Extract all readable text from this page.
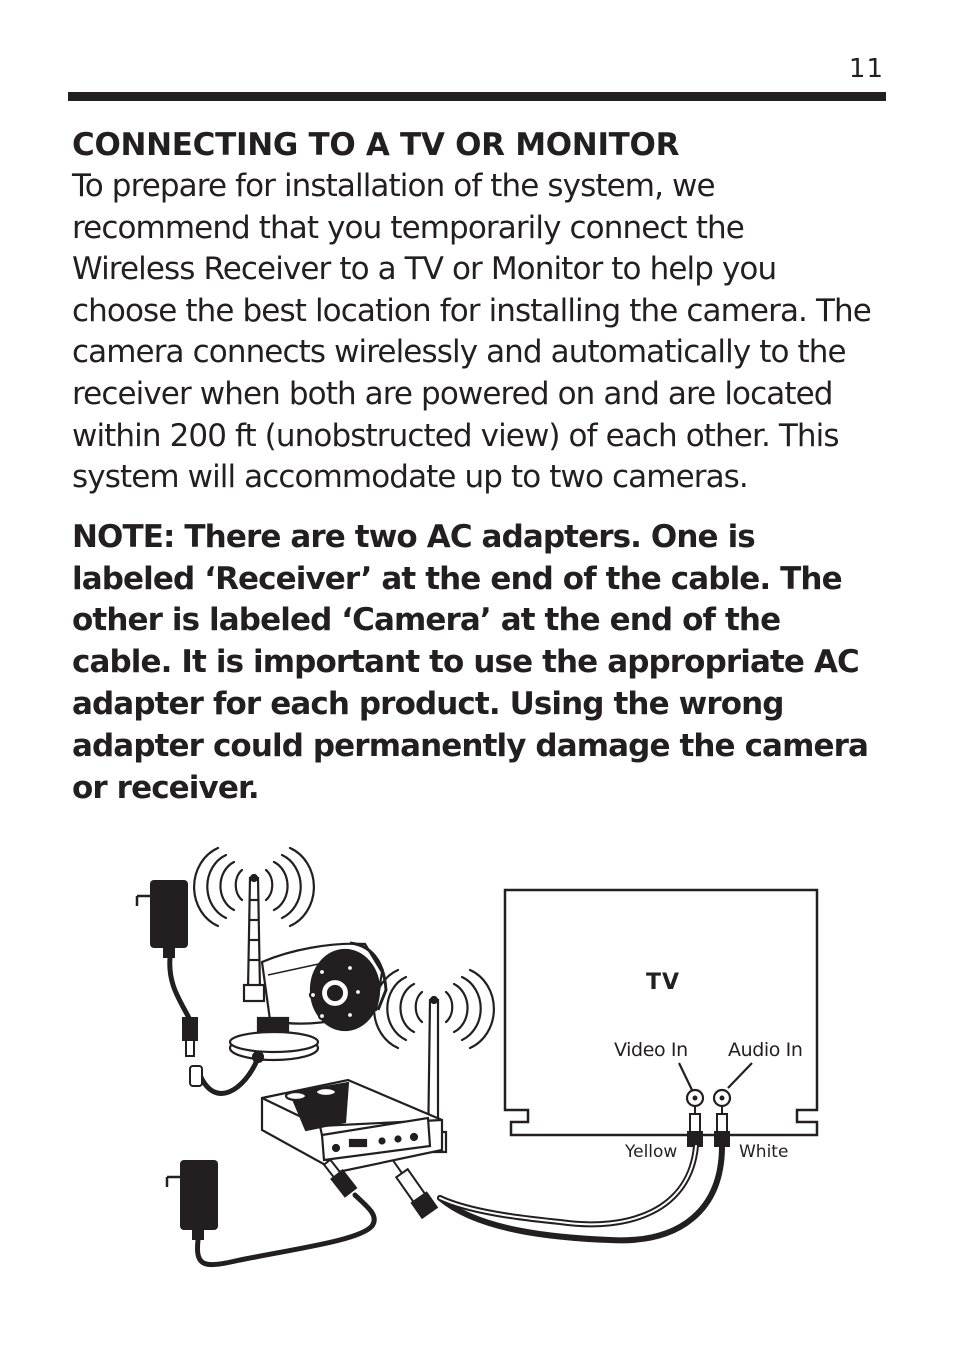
11
CONNECTING TO A TV OR MONITOR

To prepare for installation of the system, we recommend that you temporarily connect the Wireless Receiver to a TV or Monitor to help you choose the best location for installing the camera. The camera connects wirelessly and automatically to the receiver when both are powered on and are located within 200 ft (unobstructed view) of each other. This system will accommodate up to two cameras.

NOTE: There are two AC adapters. One is labeled ‘Receiver’ at the end of the cable. The other is labeled ‘Camera’ at the end of the cable. It is important to use the appropriate AC adapter for each product. Using the wrong adapter could permanently damage the camera or receiver.

TV
Video In Audio In
Yellow	White
